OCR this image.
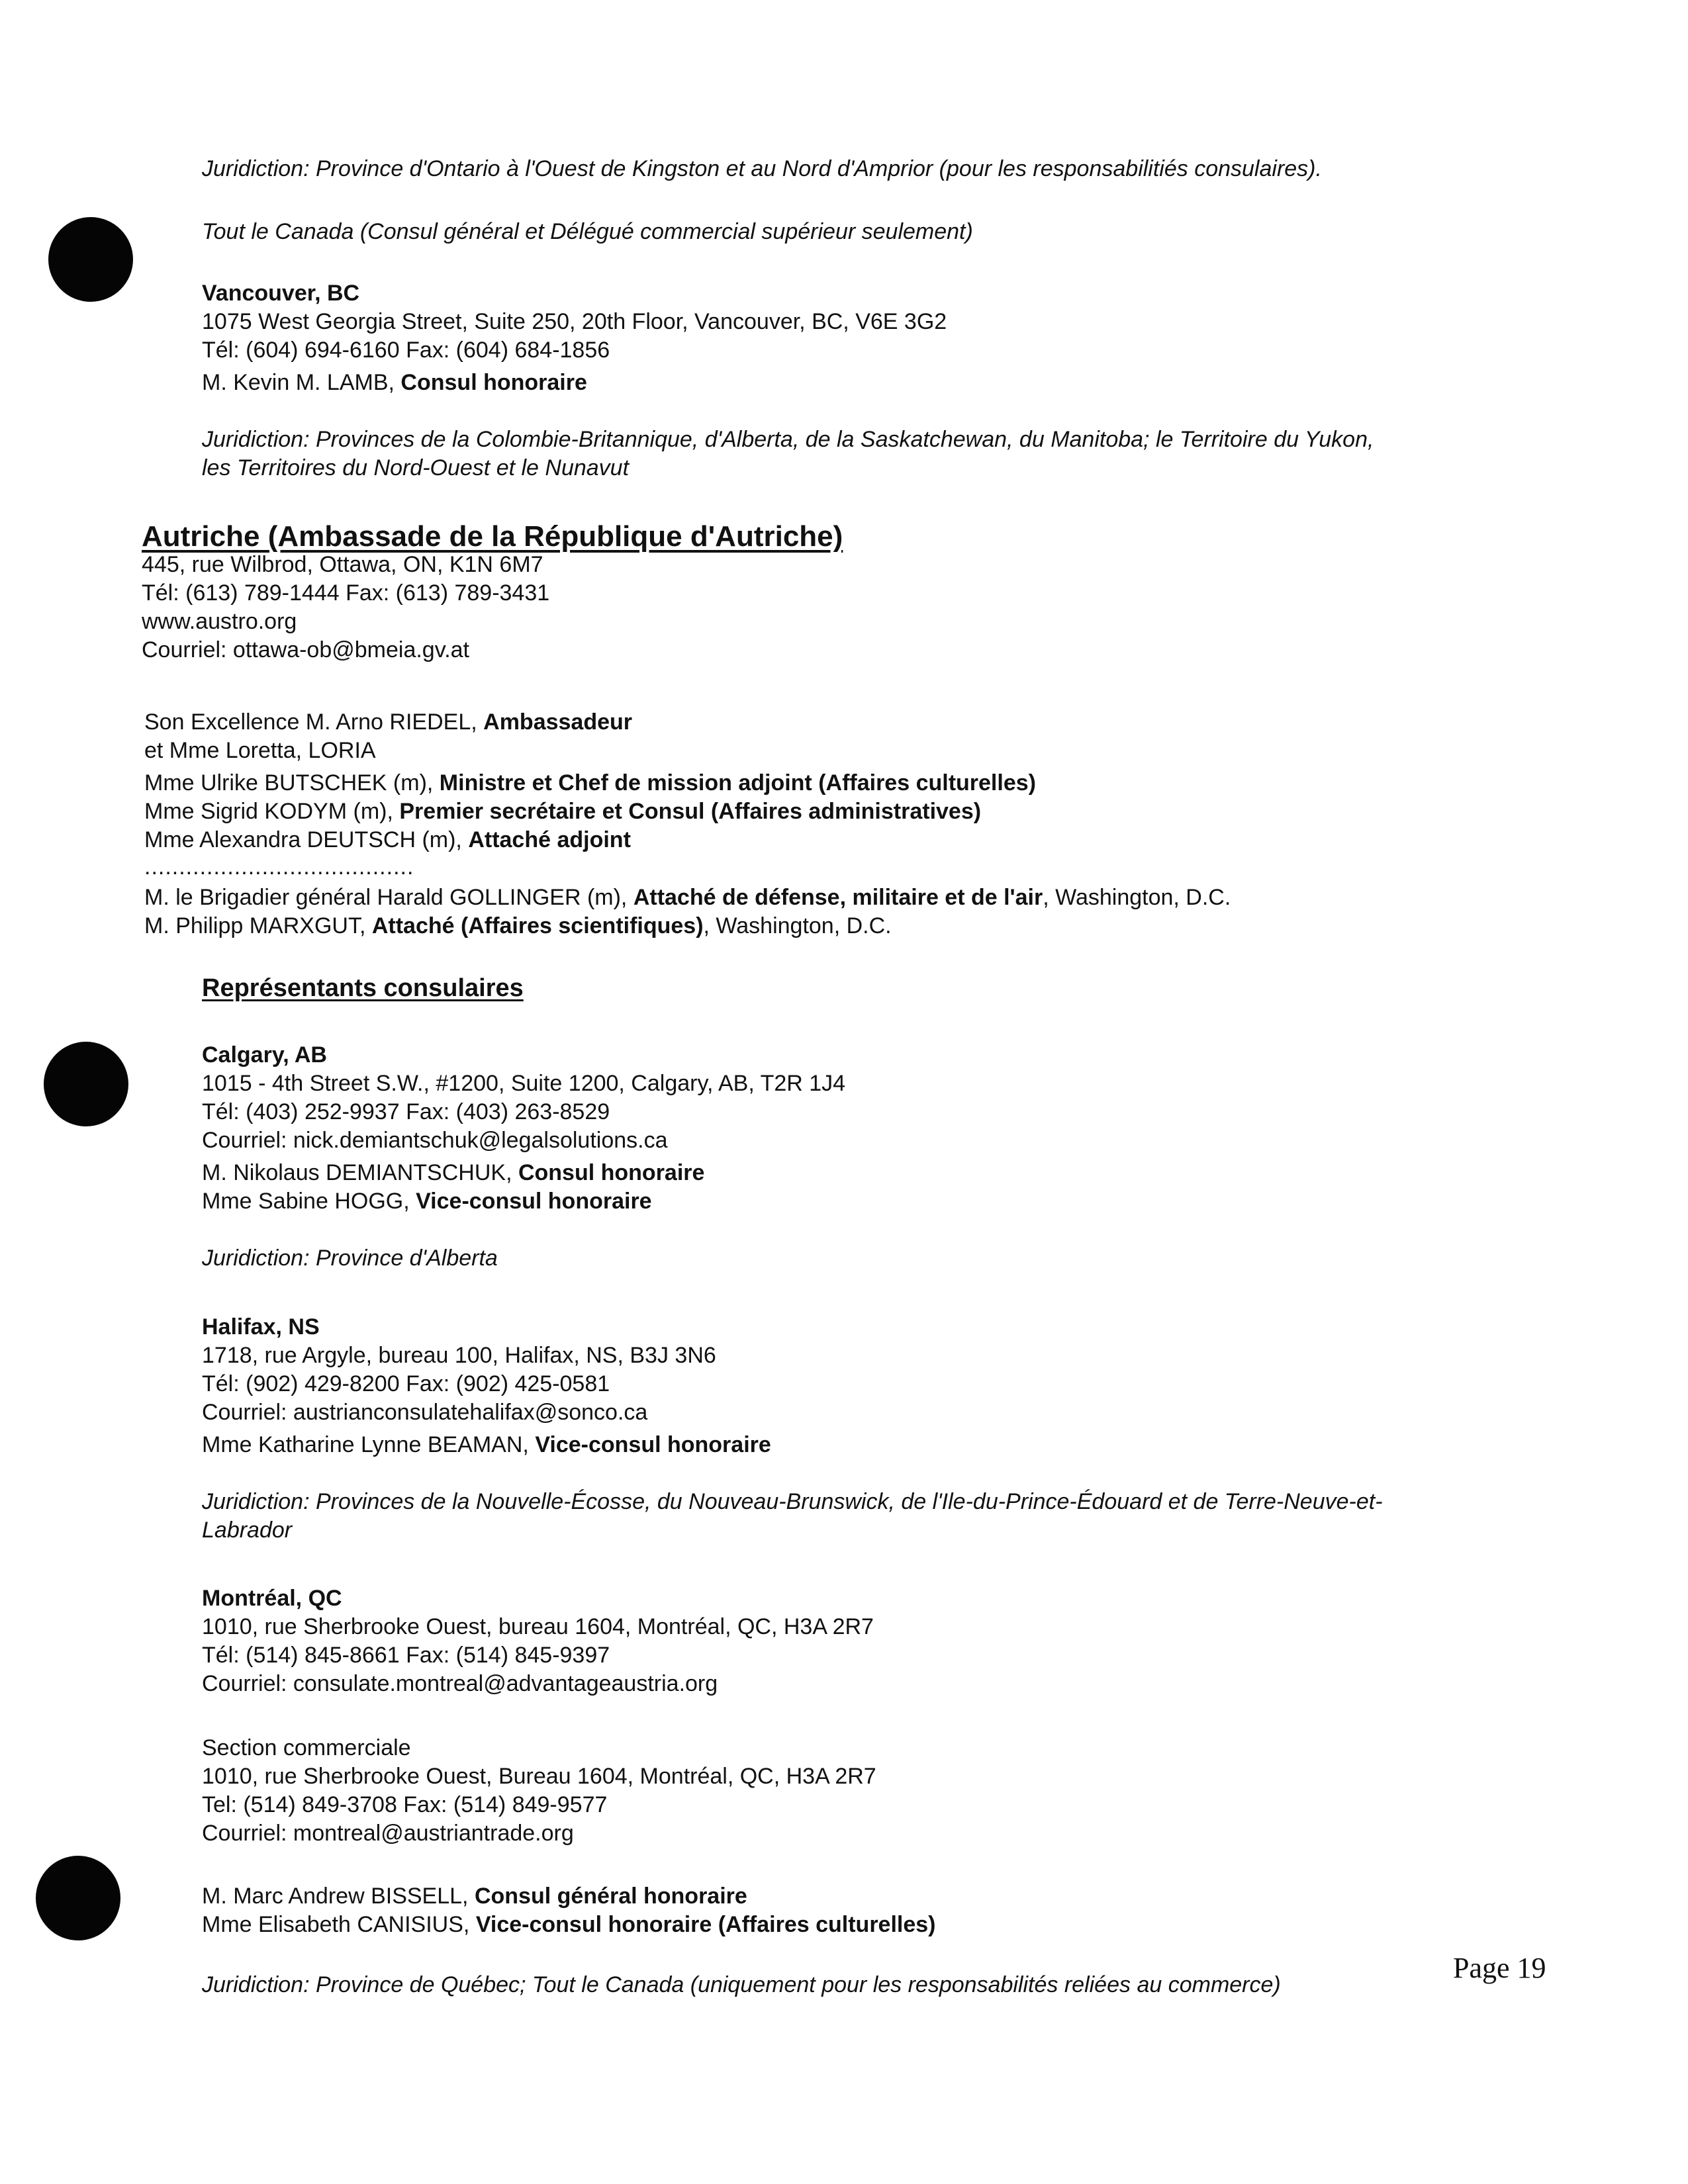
Juridiction: Province d'Ontario à l'Ouest de Kingston et au Nord d'Amprior (pour les responsabilitiés consulaires).
Tout le Canada (Consul général et Délégué commercial supérieur seulement)
Vancouver, BC
1075 West Georgia Street, Suite 250, 20th Floor, Vancouver, BC, V6E 3G2
Tél: (604) 694-6160 Fax: (604) 684-1856
M. Kevin M. LAMB, Consul honoraire
Juridiction: Provinces de la Colombie-Britannique, d'Alberta, de la Saskatchewan, du Manitoba; le Territoire du Yukon,
les Territoires du Nord-Ouest et le Nunavut
Autriche (Ambassade de la République d'Autriche)
445, rue Wilbrod, Ottawa, ON, K1N 6M7
Tél: (613) 789-1444 Fax: (613) 789-3431
www.austro.org
Courriel: ottawa-ob@bmeia.gv.at
Son Excellence M. Arno RIEDEL, Ambassadeur
et Mme Loretta, LORIA
Mme Ulrike BUTSCHEK (m), Ministre et Chef de mission adjoint (Affaires culturelles)
Mme Sigrid KODYM (m), Premier secrétaire et Consul (Affaires administratives)
Mme Alexandra DEUTSCH (m), Attaché adjoint
.......................................
M. le Brigadier général Harald GOLLINGER (m), Attaché de défense, militaire et de l'air, Washington, D.C.
M. Philipp MARXGUT, Attaché (Affaires scientifiques), Washington, D.C.
Représentants consulaires
Calgary, AB
1015 - 4th Street S.W., #1200, Suite 1200, Calgary, AB, T2R 1J4
Tél: (403) 252-9937 Fax: (403) 263-8529
Courriel: nick.demiantschuk@legalsolutions.ca
M. Nikolaus DEMIANTSCHUK, Consul honoraire
Mme Sabine HOGG, Vice-consul honoraire
Juridiction: Province d'Alberta
Halifax, NS
1718, rue Argyle, bureau 100, Halifax, NS, B3J 3N6
Tél: (902) 429-8200 Fax: (902) 425-0581
Courriel: austrianconsulatehalifax@sonco.ca
Mme Katharine Lynne BEAMAN, Vice-consul honoraire
Juridiction: Provinces de la Nouvelle-Écosse, du Nouveau-Brunswick, de l'Ile-du-Prince-Édouard et de Terre-Neuve-et-
Labrador
Montréal, QC
1010, rue Sherbrooke Ouest, bureau 1604, Montréal, QC, H3A 2R7
Tél: (514) 845-8661 Fax: (514) 845-9397
Courriel: consulate.montreal@advantageaustria.org
Section commerciale
1010, rue Sherbrooke Ouest, Bureau 1604, Montréal, QC, H3A 2R7
Tel: (514) 849-3708 Fax: (514) 849-9577
Courriel: montreal@austriantrade.org
M. Marc Andrew BISSELL, Consul général honoraire
Mme Elisabeth CANISIUS, Vice-consul honoraire (Affaires culturelles)
Juridiction: Province de Québec; Tout le Canada (uniquement pour les responsabilités reliées au commerce)
Page 19
